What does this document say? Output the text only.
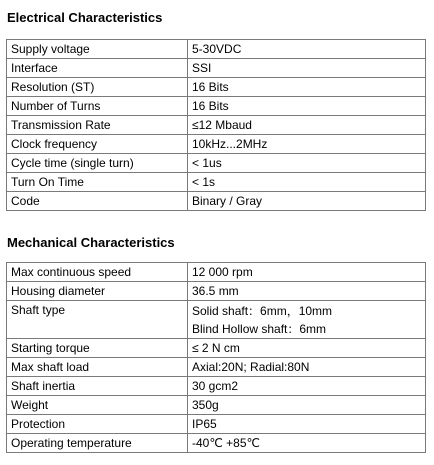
Electrical Characteristics
Supply voltage	5-30VDC
Interface	SSI
Resolution (ST)	16 Bits
Number of Turns	16 Bits
Transmission Rate	≤12 Mbaud
Clock frequency	10kHz...2MHz
Cycle time (single turn)	< 1us
Turn On Time	< 1s
Code	Binary / Gray
Mechanical Characteristics
Max continuous speed	12 000 rpm
Housing diameter	36.5 mm
Shaft type	Solid shaft：6mm，10mm
Blind Hollow shaft：6mm

Starting torque	≤ 2 N cm
Max shaft load	Axial:20N; Radial:80N
Shaft inertia	30 gcm2
Weight	350g
Protection	IP65
Operating temperature	-40℃ +85℃
